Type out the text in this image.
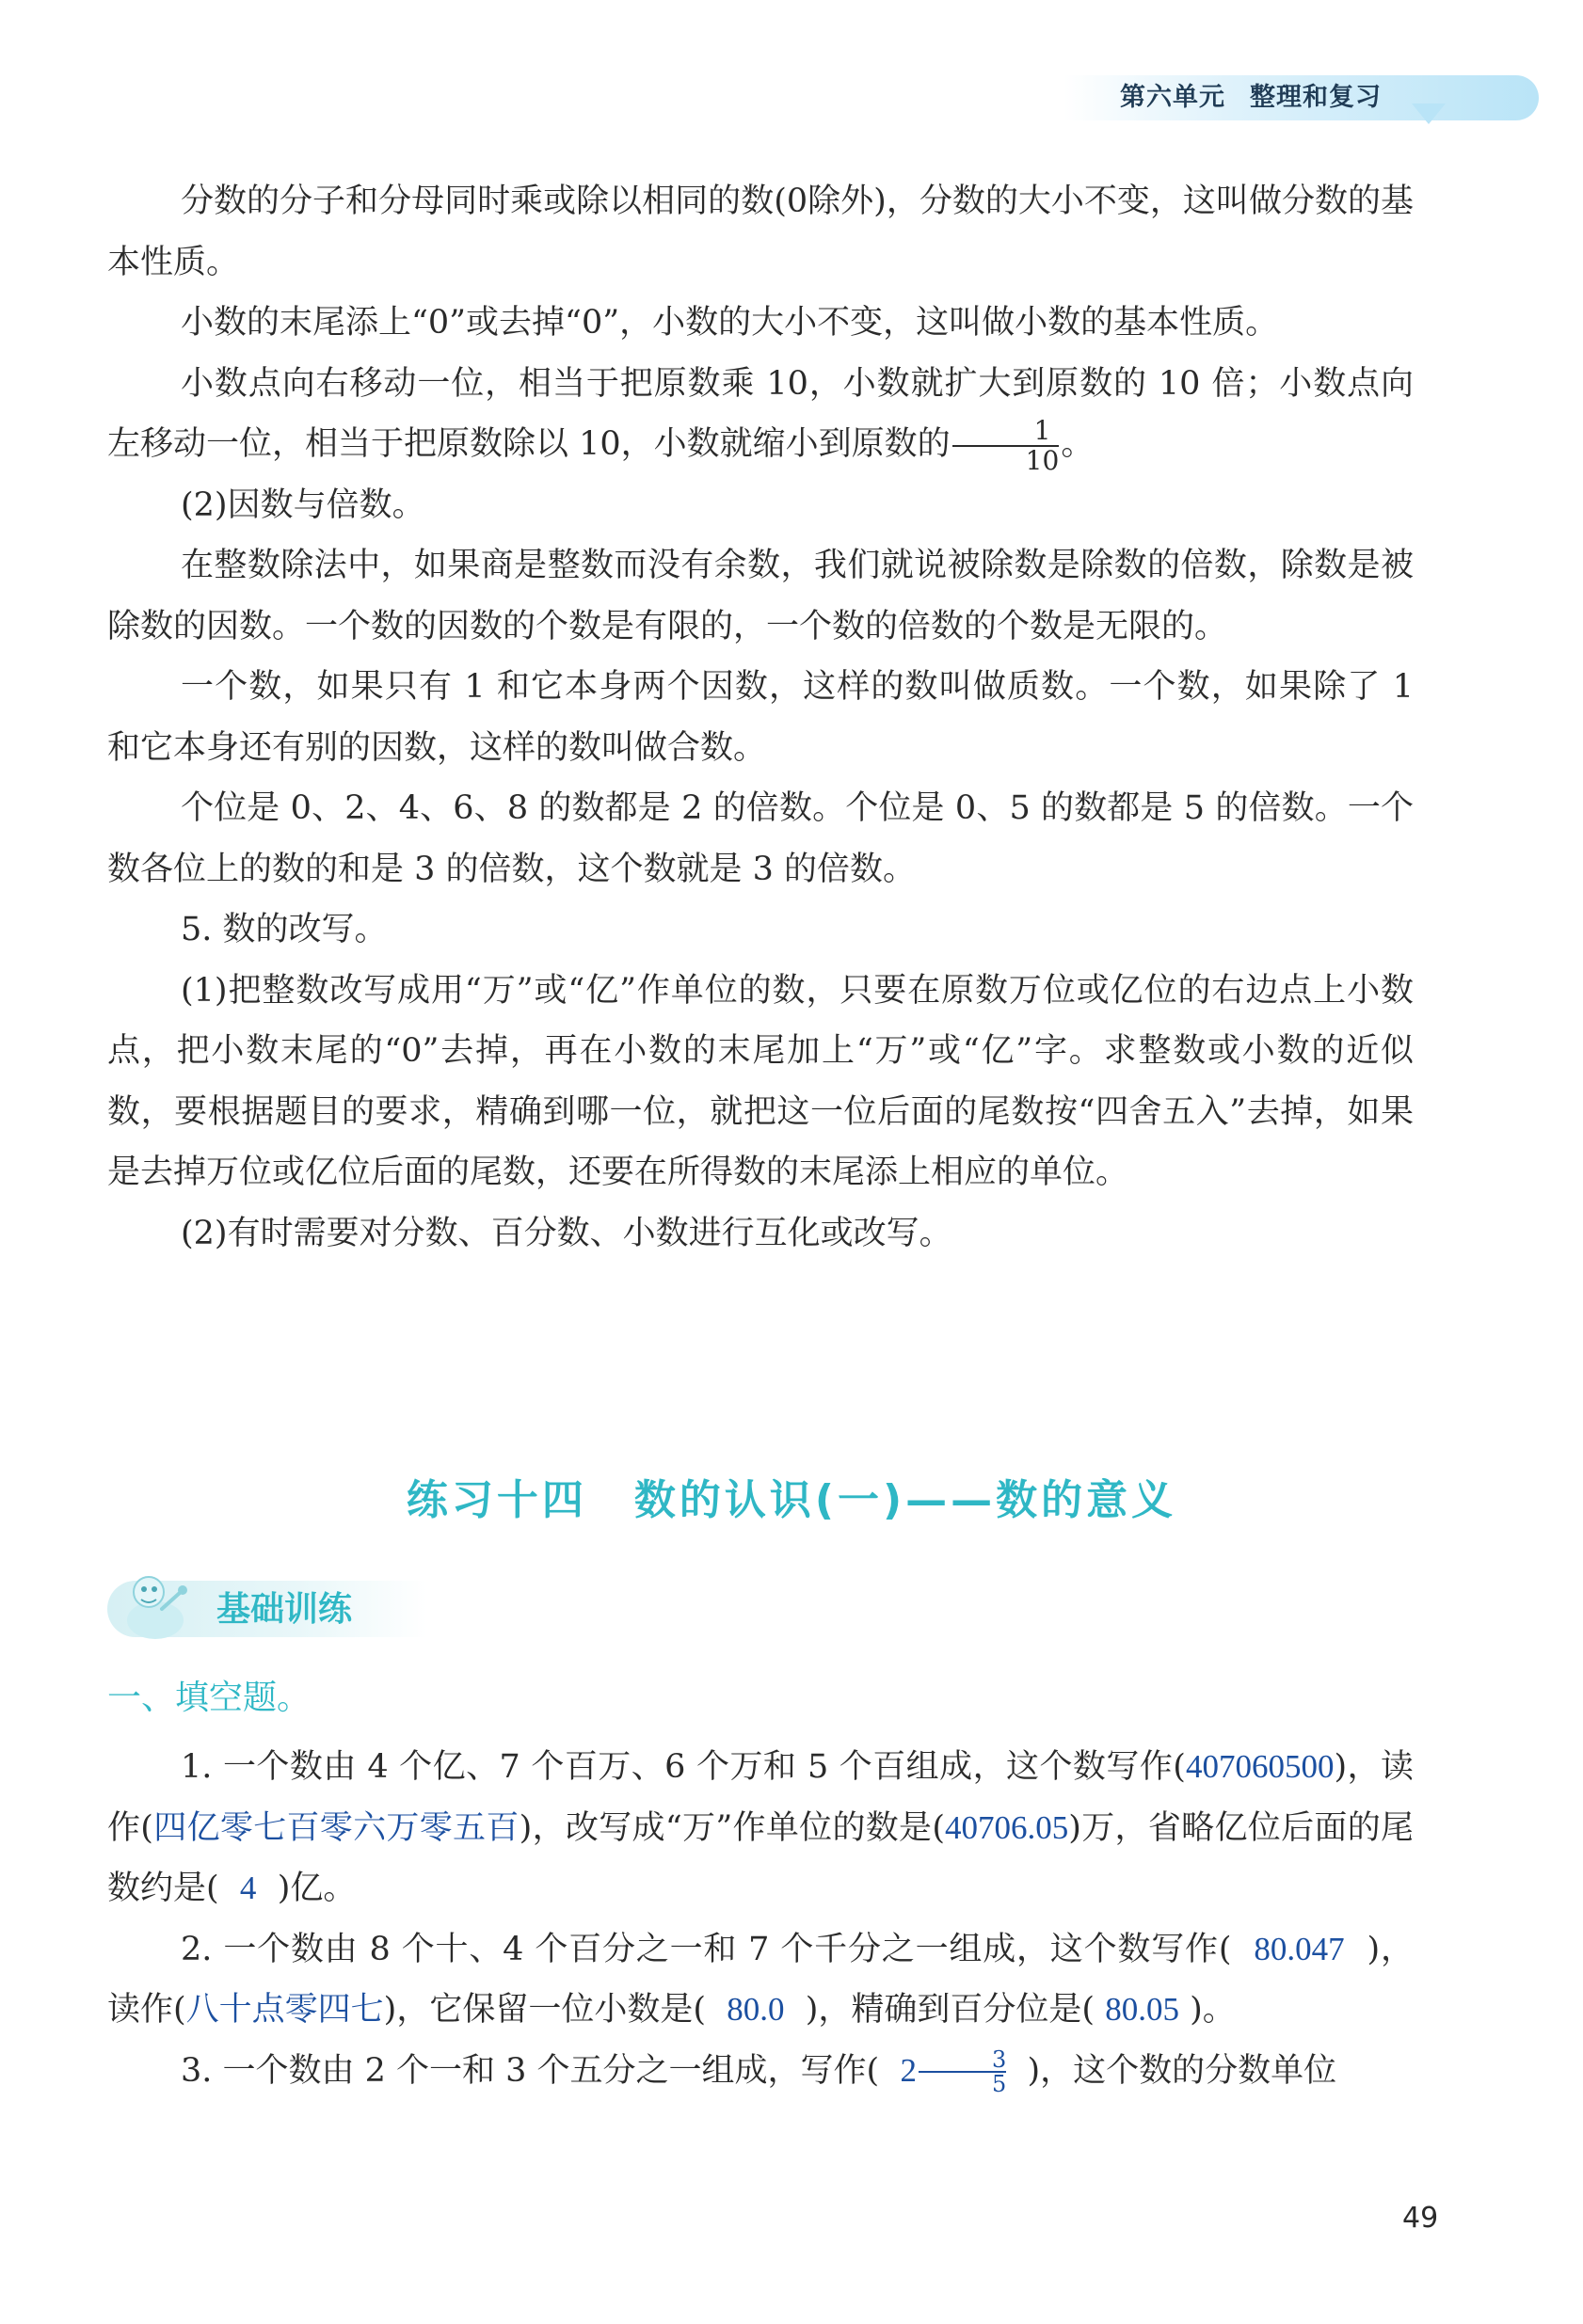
第六单元 整理和复习

分数的分子和分母同时乘或除以相同的数(0除外)，分数的大小不变，这叫做分数的基本性质。

小数的末尾添上“0”或去掉“0”，小数的大小不变，这叫做小数的基本性质。

小数点向右移动一位，相当于把原数乘 10，小数就扩大到原数的 10 倍；小数点向左移动一位，相当于把原数除以 10，小数就缩小到原数的 $\frac{1}{10}$ 。

(2)因数与倍数。

在整数除法中，如果商是整数而没有余数，我们就说被除数是除数的倍数，除数是被除数的因数。一个数的因数的个数是有限的，一个数的倍数的个数是无限的。

一个数，如果只有 1 和它本身两个因数，这样的数叫做质数。一个数，如果除了 1 和它本身还有别的因数，这样的数叫做合数。

个位是 0、2、4、6、8 的数都是 2 的倍数。个位是 0、5 的数都是 5 的倍数。一个数各位上的数的和是 3 的倍数，这个数就是 3 的倍数。

5. 数的改写。

(1)把整数改写成用“万”或“亿”作单位的数，只要在原数万位或亿位的右边点上小数点，把小数末尾的“0”去掉，再在小数的末尾加上“万”或“亿”字。求整数或小数的近似数，要根据题目的要求，精确到哪一位，就把这一位后面的尾数按“四舍五入”去掉，如果是去掉万位或亿位后面的尾数，还要在所得数的末尾添上相应的单位。

(2)有时需要对分数、百分数、小数进行互化或改写。

练习十四 数的认识(一)——数的意义
基础训练
一、填空题。

1. 一个数由 4 个亿、7 个百万、6 个万和 5 个百组成，这个数写作(407060500)，读作(四亿零七百零六万零五百)，改写成“万”作单位的数是(40706.05)万，省略亿位后面的尾数约是( 4 )亿。

2. 一个数由 8 个十、4 个百分之一和 7 个千分之一组成，这个数写作( 80.047 )，读作(八十点零四七)，它保留一位小数是( 80.0 )，精确到百分位是( 80.05 )。

3. 一个数由 2 个一和 3 个五分之一组成，写作( $2 \frac{3}{5}$ )，这个数的分数单位

49
